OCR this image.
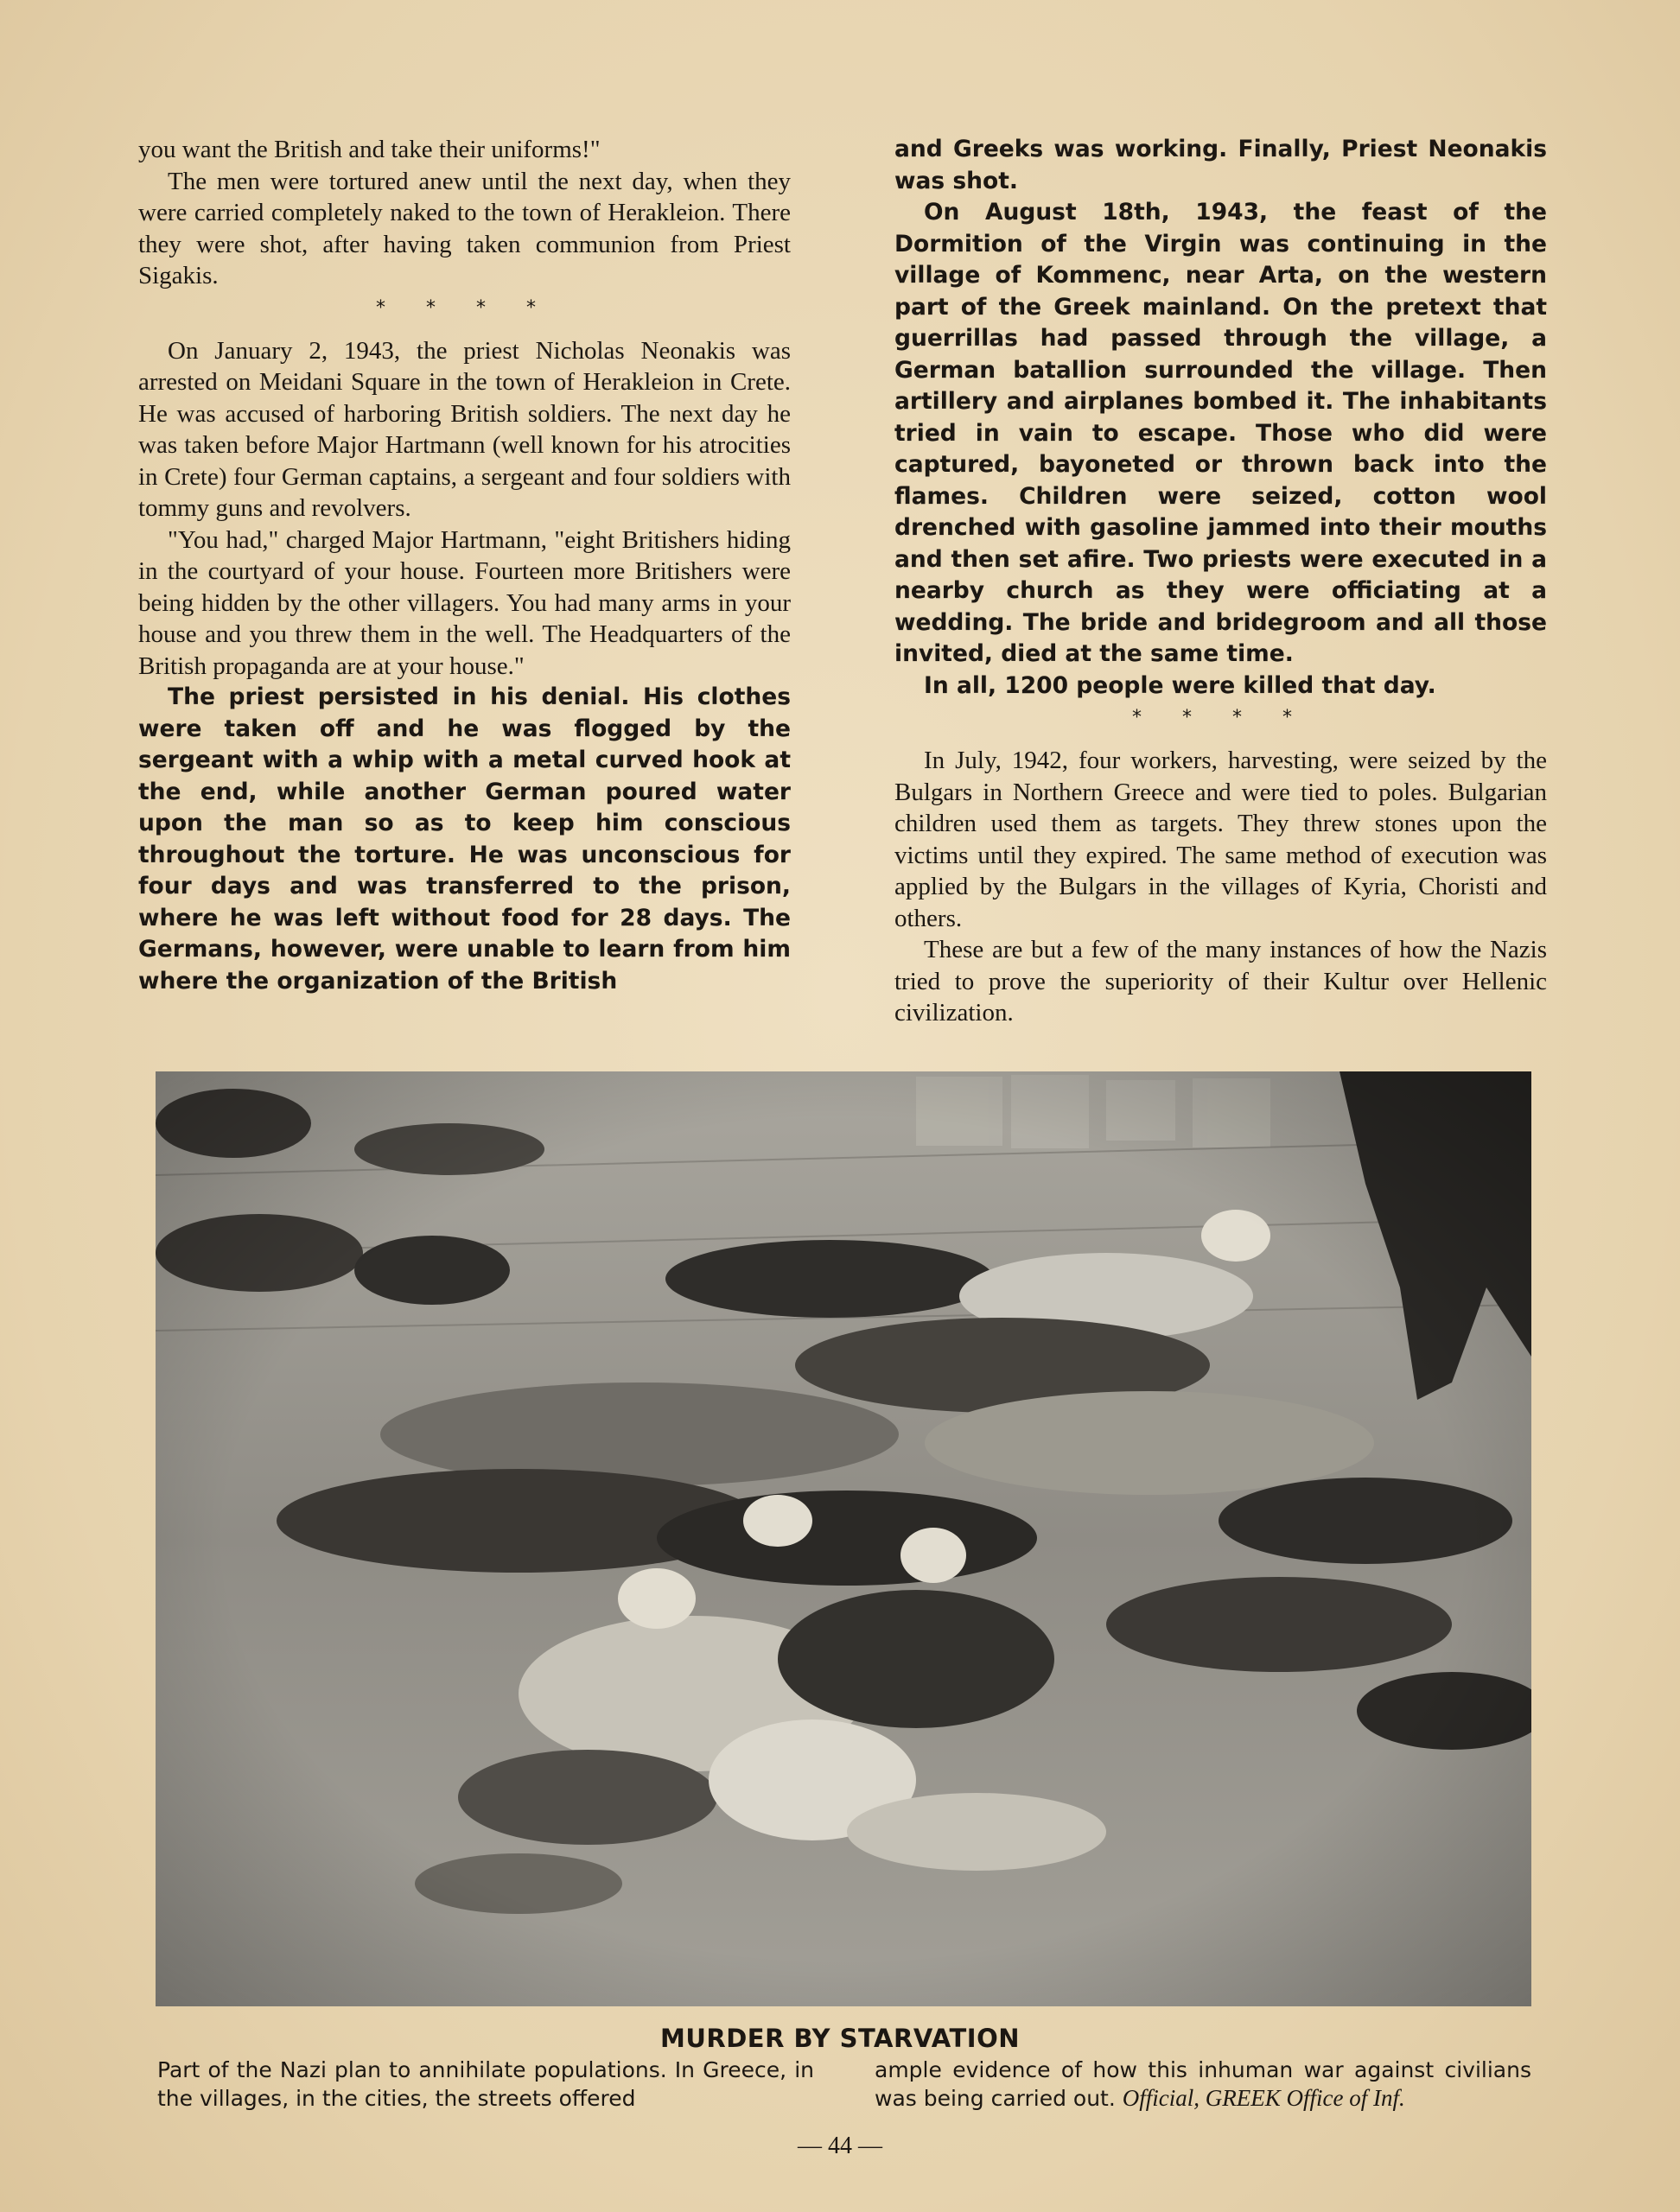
you want the British and take their uniforms!"

The men were tortured anew until the next day, when they were carried completely naked to the town of Herakleion. There they were shot, after having taken communion from Priest Sigakis.

* * * *

On January 2, 1943, the priest Nicholas Neonakis was arrested on Meidani Square in the town of Herakleion in Crete. He was accused of harboring British soldiers. The next day he was taken before Major Hartmann (well known for his atrocities in Crete) four German captains, a sergeant and four soldiers with tommy guns and revolvers.

"You had," charged Major Hartmann, "eight Britishers hiding in the courtyard of your house. Fourteen more Britishers were being hidden by the other villagers. You had many arms in your house and you threw them in the well. The Headquarters of the British propaganda are at your house."

The priest persisted in his denial. His clothes were taken off and he was flogged by the sergeant with a whip with a metal curved hook at the end, while another German poured water upon the man so as to keep him conscious throughout the torture. He was unconscious for four days and was transferred to the prison, where he was left without food for 28 days. The Germans, however, were unable to learn from him where the organization of the British

and Greeks was working. Finally, Priest Neonakis was shot.

On August 18th, 1943, the feast of the Dormition of the Virgin was continuing in the village of Kommenc, near Arta, on the western part of the Greek mainland. On the pretext that guerrillas had passed through the village, a German batallion surrounded the village. Then artillery and airplanes bombed it. The inhabitants tried in vain to escape. Those who did were captured, bayoneted or thrown back into the flames. Children were seized, cotton wool drenched with gasoline jammed into their mouths and then set afire. Two priests were executed in a nearby church as they were officiating at a wedding. The bride and bridegroom and all those invited, died at the same time.

In all, 1200 people were killed that day.

* * * *

In July, 1942, four workers, harvesting, were seized by the Bulgars in Northern Greece and were tied to poles. Bulgarian children used them as targets. They threw stones upon the victims until they expired. The same method of execution was applied by the Bulgars in the villages of Kyria, Choristi and others.

These are but a few of the many instances of how the Nazis tried to prove the superiority of their Kultur over Hellenic civilization.

MURDER BY STARVATION
Part of the Nazi plan to annihilate populations. In Greece, in the villages, in the cities, the streets offered
ample evidence of how this inhuman war against civilians was being carried out. Official, GREEK Office of Inf.
— 44 —
